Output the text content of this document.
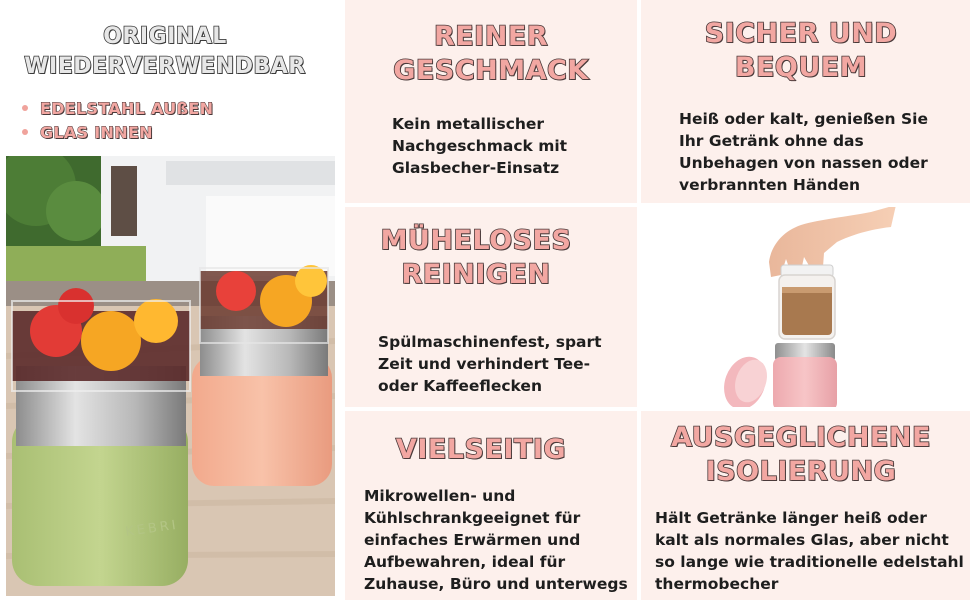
ORIGINAL

WIEDERVERWENDBAR

EDELSTAHL AUßEN
GLAS INNEN
KEBRI

REINER

GESCHMACK

Kein metallischer
Nachgeschmack mit
Glasbecher-Einsatz

SICHER UND

BEQUEM

Heiß oder kalt, genießen Sie
Ihr Getränk ohne das
Unbehagen von nassen oder
verbrannten Händen

MÜHELOSES

REINIGEN

Spülmaschinenfest, spart
Zeit und verhindert Tee-
oder Kaffeeflecken

VIELSEITIG

Mikrowellen- und
Kühlschrankgeeignet für
einfaches Erwärmen und
Aufbewahren, ideal für
Zuhause, Büro und unterwegs

AUSGEGLICHENE

ISOLIERUNG

Hält Getränke länger heiß oder
kalt als normales Glas, aber nicht
so lange wie traditionelle edelstahl
thermobecher
